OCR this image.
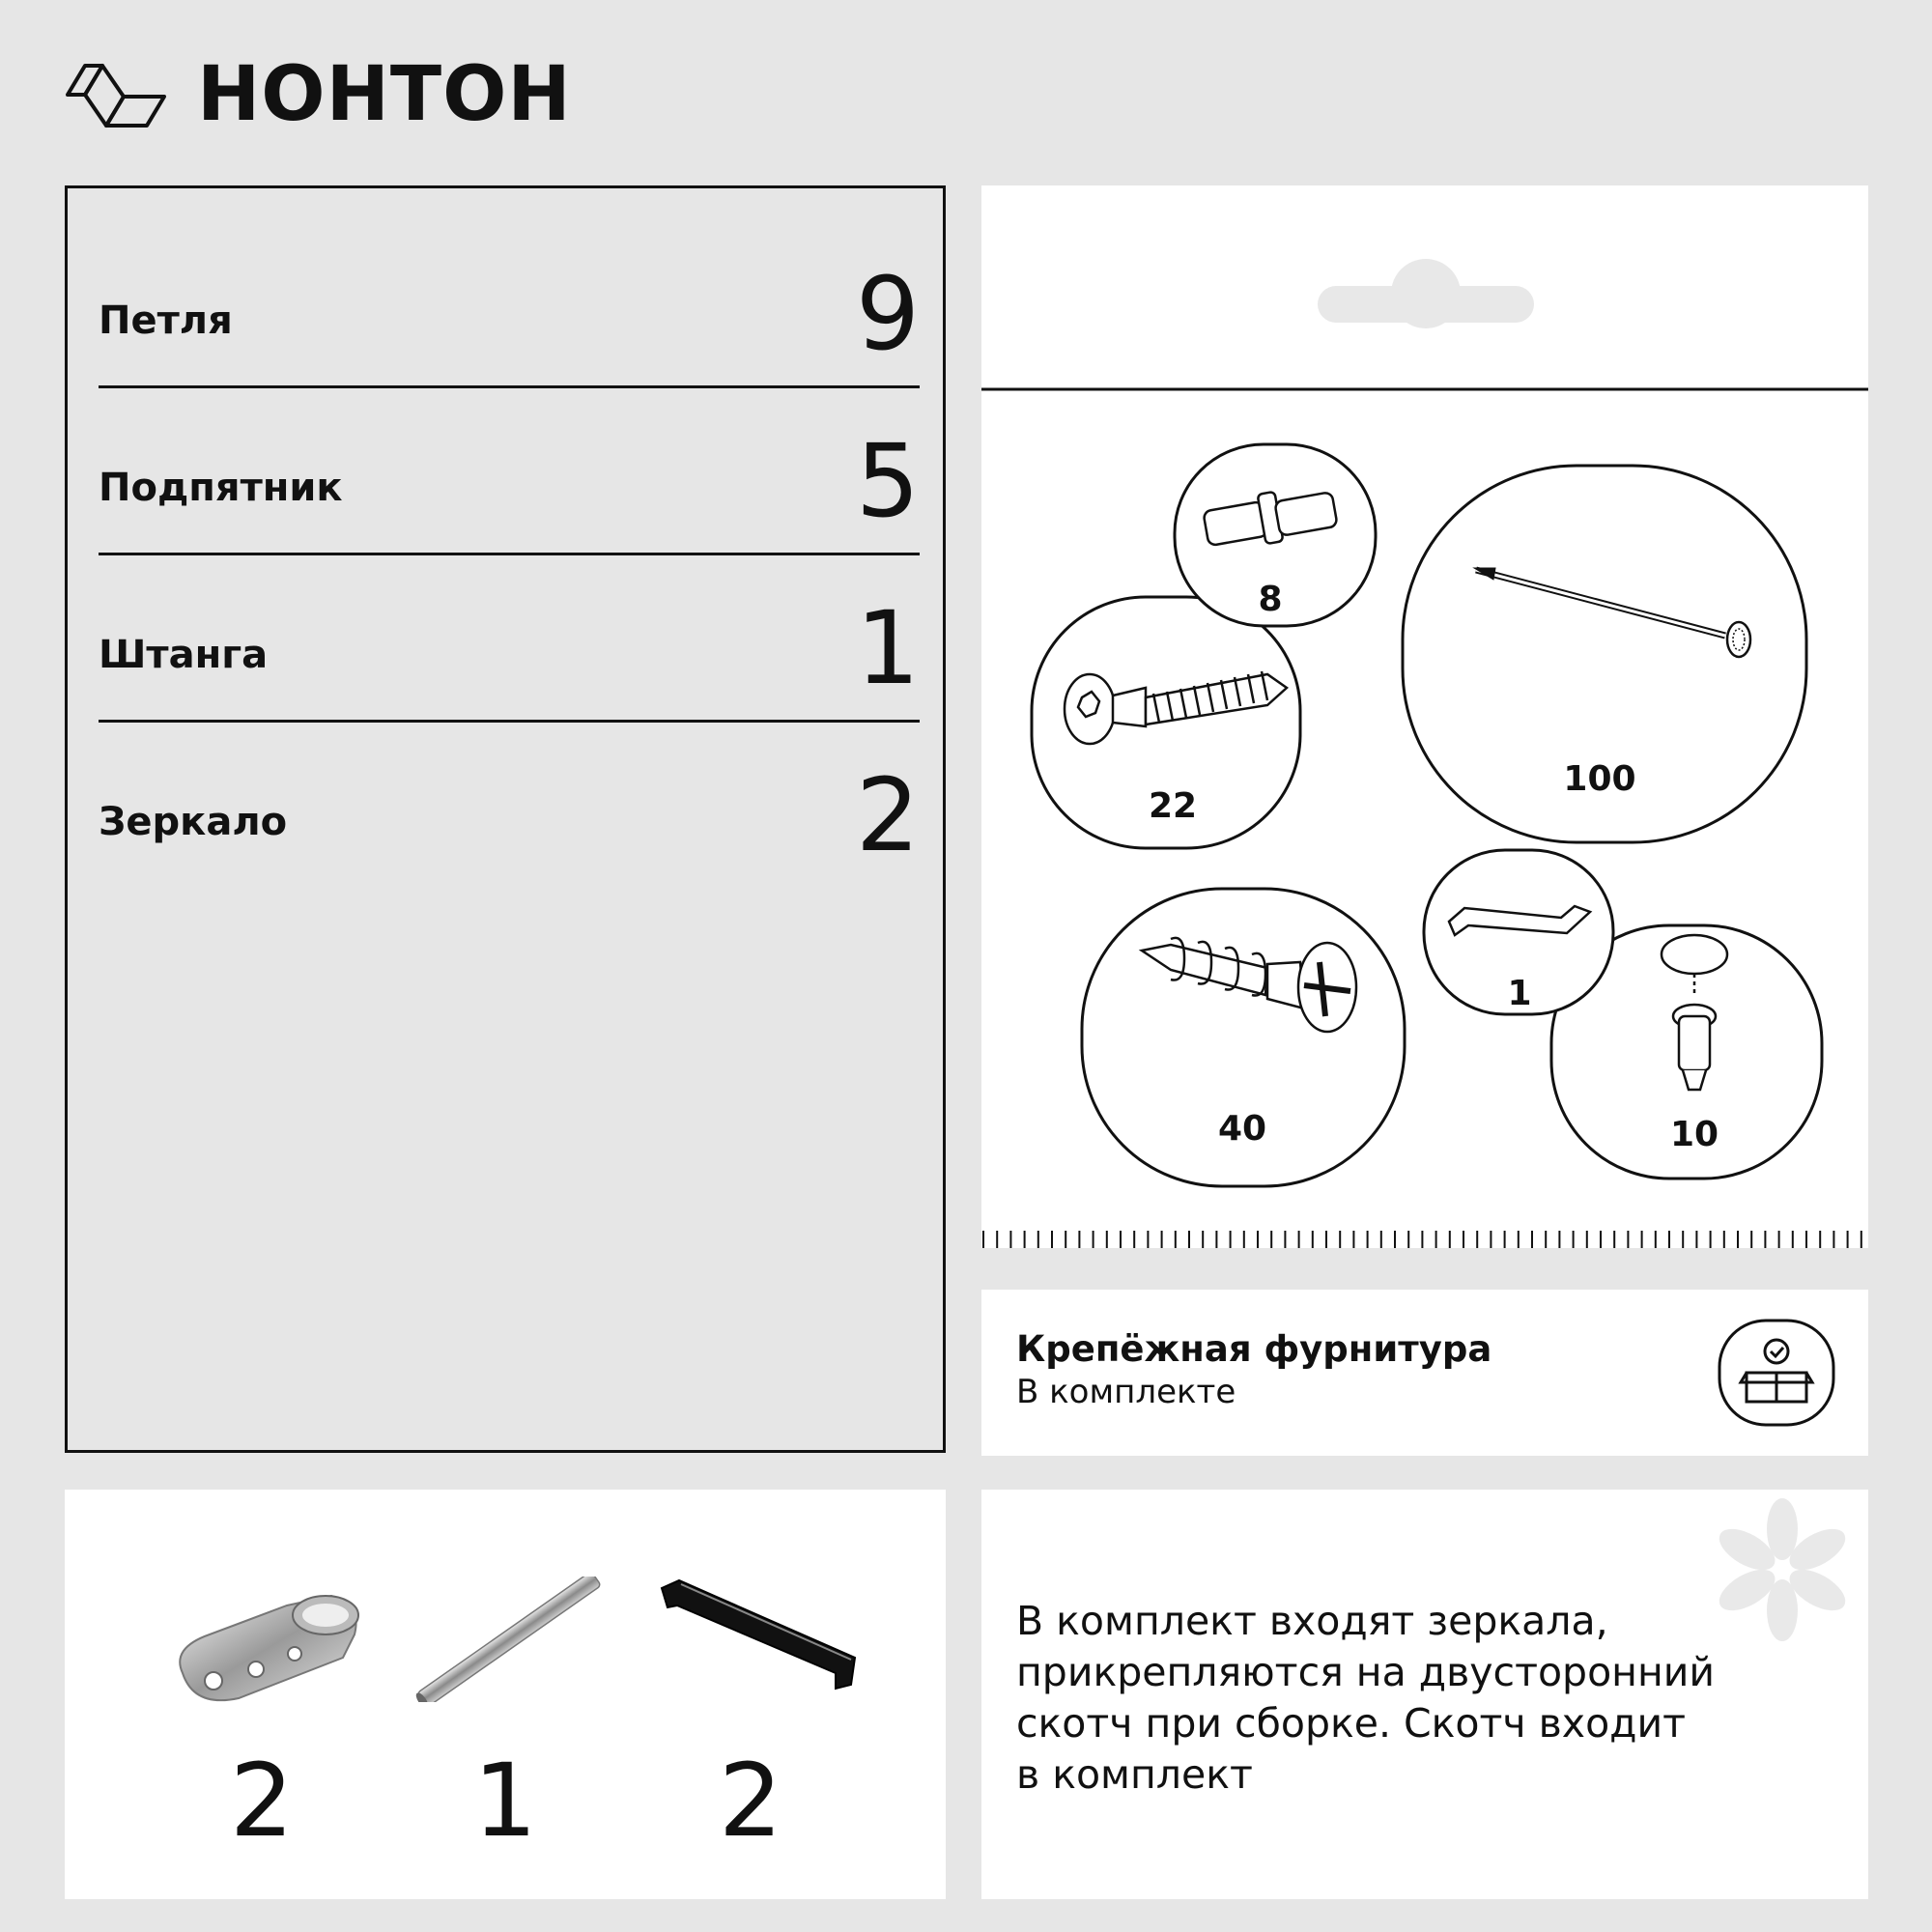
НОНТОН
Петля	9
Подпятник	5
Штанга	1
Зеркало	2
8
22
100
40
1
10
Крепёжная фурнитура
В комплекте
2	1	2
В комплект входят зеркала,
прикрепляются на двусторонний
скотч при сборке. Скотч входит
в комплект
